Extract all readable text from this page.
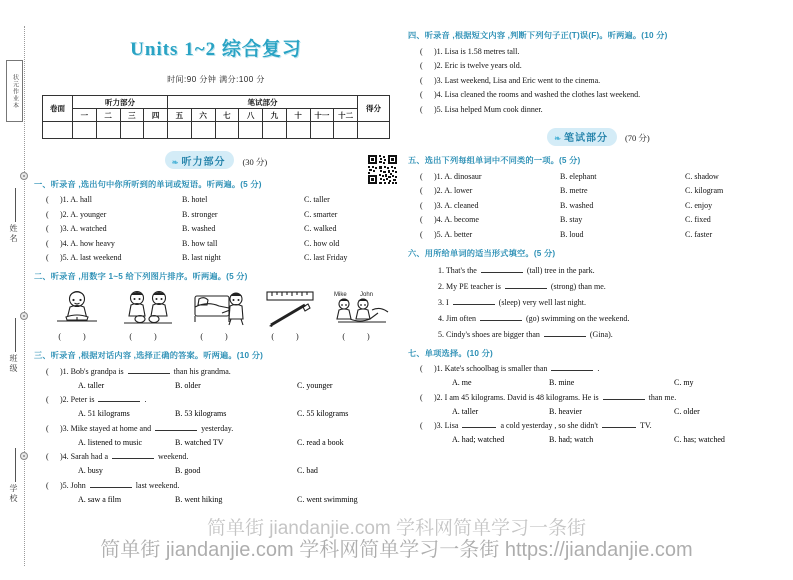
状元作业本
姓名
班级
学校
Units 1~2 综合复习
时间:90 分钟 满分:100 分
卷面	听力部分				笔试部分								得分
	一	二	三	四	五	六	七	八	九	十	十一	十二	

❧ 听力部分 (30 分)
一、听录音 ,选出句中你所听到的单词或短语。听两遍。(5 分)
( )1. A. hall	B. hotel	C. taller
( )2. A. younger	B. stronger	C. smarter
( )3. A. watched	B. washed	C. walked
( )4. A. how heavy	B. how tall	C. how old
( )5. A. last weekend	B. last night	C. last Friday
二、听录音 ,用数字 1~5 给下列图片排序。听两遍。(5 分)
( )	( )	( )	( )
Mike John
( )
三、听录音 ,根据对话内容 ,选择正确的答案。听两遍。(10 分)
( )1. Bob's grandpa is	than his grandma.
A. taller	B. older	C. younger
( )2. Peter is	.
A. 51 kilograms	B. 53 kilograms	C. 55 kilograms
( )3. Mike stayed at home and	yesterday.
A. listened to music	B. watched TV	C. read a book
( )4. Sarah had a	weekend.
A. busy	B. good	C. bad
( )5. John	last weekend.
A. saw a film	B. went hiking	C. went swimming
四、听录音 ,根据短文内容 ,判断下列句子正(T)误(F)。听两遍。(10 分)
( )1. Lisa is 1.58 metres tall.
( )2. Eric is twelve years old.
( )3. Last weekend, Lisa and Eric went to the cinema.
( )4. Lisa cleaned the rooms and washed the clothes last weekend.
( )5. Lisa helped Mum cook dinner.
❧ 笔试部分 (70 分)
五、选出下列每组单词中不同类的一项。(5 分)
( )1. A. dinosaur	B. elephant	C. shadow
( )2. A. lower	B. metre	C. kilogram
( )3. A. cleaned	B. washed	C. enjoy
( )4. A. become	B. stay	C. fixed
( )5. A. better	B. loud	C. faster
六、用所给单词的适当形式填空。(5 分)
1. That's the	(tall) tree in the park.
2. My PE teacher is	(strong) than me.
3. I	(sleep) very well last night.
4. Jim often	(go) swimming on the weekend.
5. Cindy's shoes are bigger than	(Gina).
七、单项选择。(10 分)
( )1. Kate's schoolbag is smaller than	.
A. me	B. mine	C. my
( )2. I am 45 kilograms. David is 48 kilograms. He is	than me.
A. taller	B. heavier	C. older
( )3. Lisa	a cold yesterday , so she didn't	TV.
A. had; watched	B. had; watch	C. has; watched
简单街 jiandanjie.com 学科网简单学习一条街
简单街 jiandanjie.com 学科网简单学习一条街 https://jiandanjie.com
